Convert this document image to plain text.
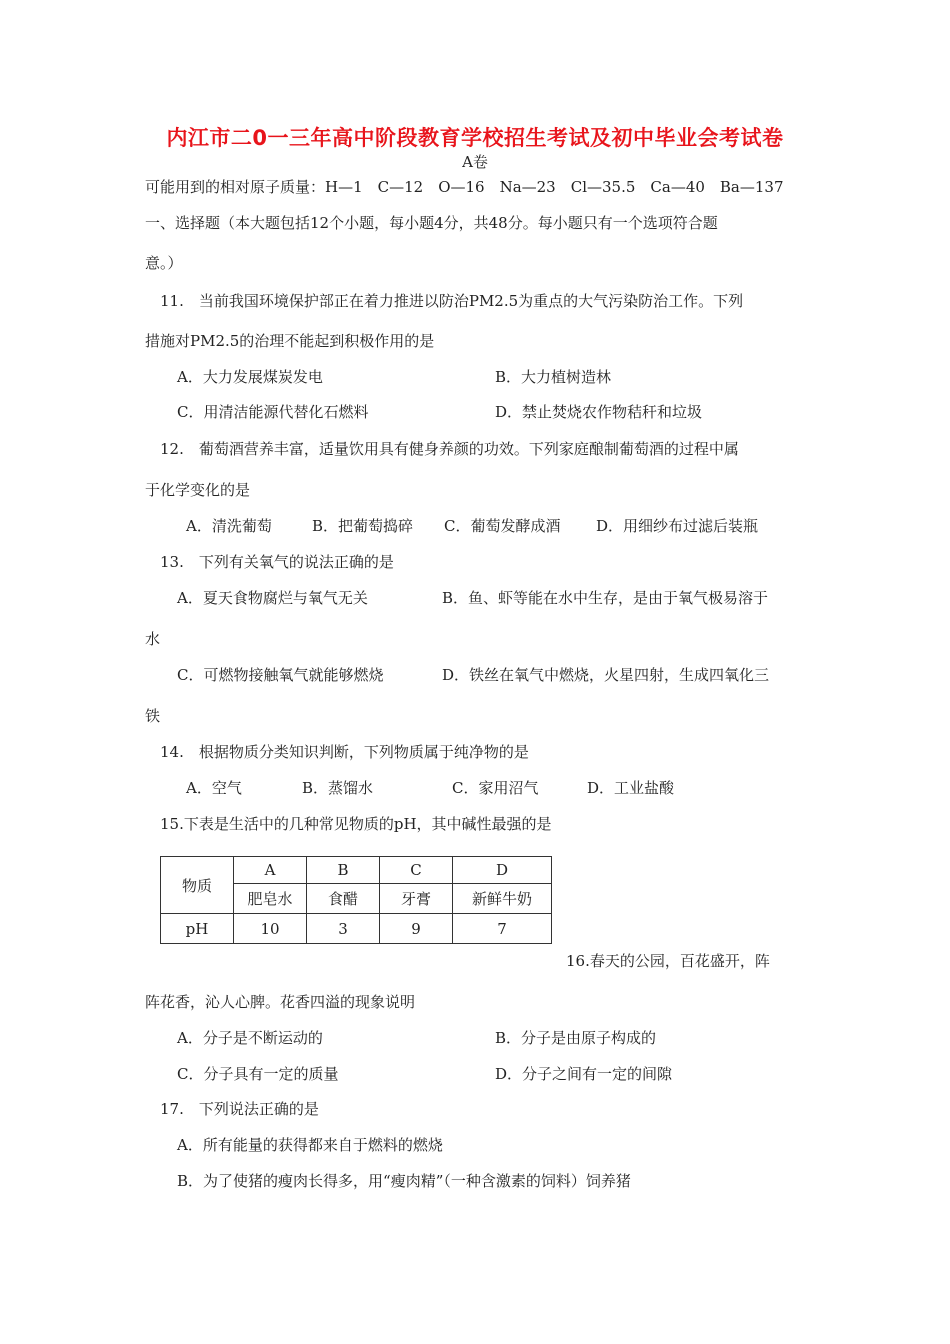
内江市二0一三年高中阶段教育学校招生考试及初中毕业会考试卷
A卷
可能用到的相对原子质量：H—1　C—12　O—16　Na—23　Cl—35.5　Ca—40　Ba—137
一、选择题（本大题包括12个小题，每小题4分，共48分。每小题只有一个选项符合题
意。）
11.　当前我国环境保护部正在着力推进以防治PM2.5为重点的大气污染防治工作。下列
措施对PM2.5的治理不能起到积极作用的是
A．大力发展煤炭发电	B．大力植树造林
C．用清洁能源代替化石燃料	D．禁止焚烧农作物秸秆和垃圾
12.　葡萄酒营养丰富，适量饮用具有健身养颜的功效。下列家庭酿制葡萄酒的过程中属
于化学变化的是
A．清洗葡萄	B．把葡萄捣碎 C．葡萄发酵成酒 D．用细纱布过滤后装瓶
13.　下列有关氧气的说法正确的是
A．夏天食物腐烂与氧气无关	B．鱼、虾等能在水中生存，是由于氧气极易溶于
水
C．可燃物接触氧气就能够燃烧	D．铁丝在氧气中燃烧，火星四射，生成四氧化三
铁
14.　根据物质分类知识判断，下列物质属于纯净物的是
A．空气	B．蒸馏水	C．家用沼气	D．工业盐酸
15.下表是生活中的几种常见物质的pH，其中碱性最强的是
物质	A	B	C	D
	肥皂水	食醋	牙膏	新鲜牛奶
pH	10	3	9	7
16.春天的公园，百花盛开，阵
阵花香，沁人心脾。花香四溢的现象说明
A．分子是不断运动的	B．分子是由原子构成的
C．分子具有一定的质量	D．分子之间有一定的间隙
17.　下列说法正确的是
A．所有能量的获得都来自于燃料的燃烧
B．为了使猪的瘦肉长得多，用“瘦肉精”（一种含激素的饲料）饲养猪
